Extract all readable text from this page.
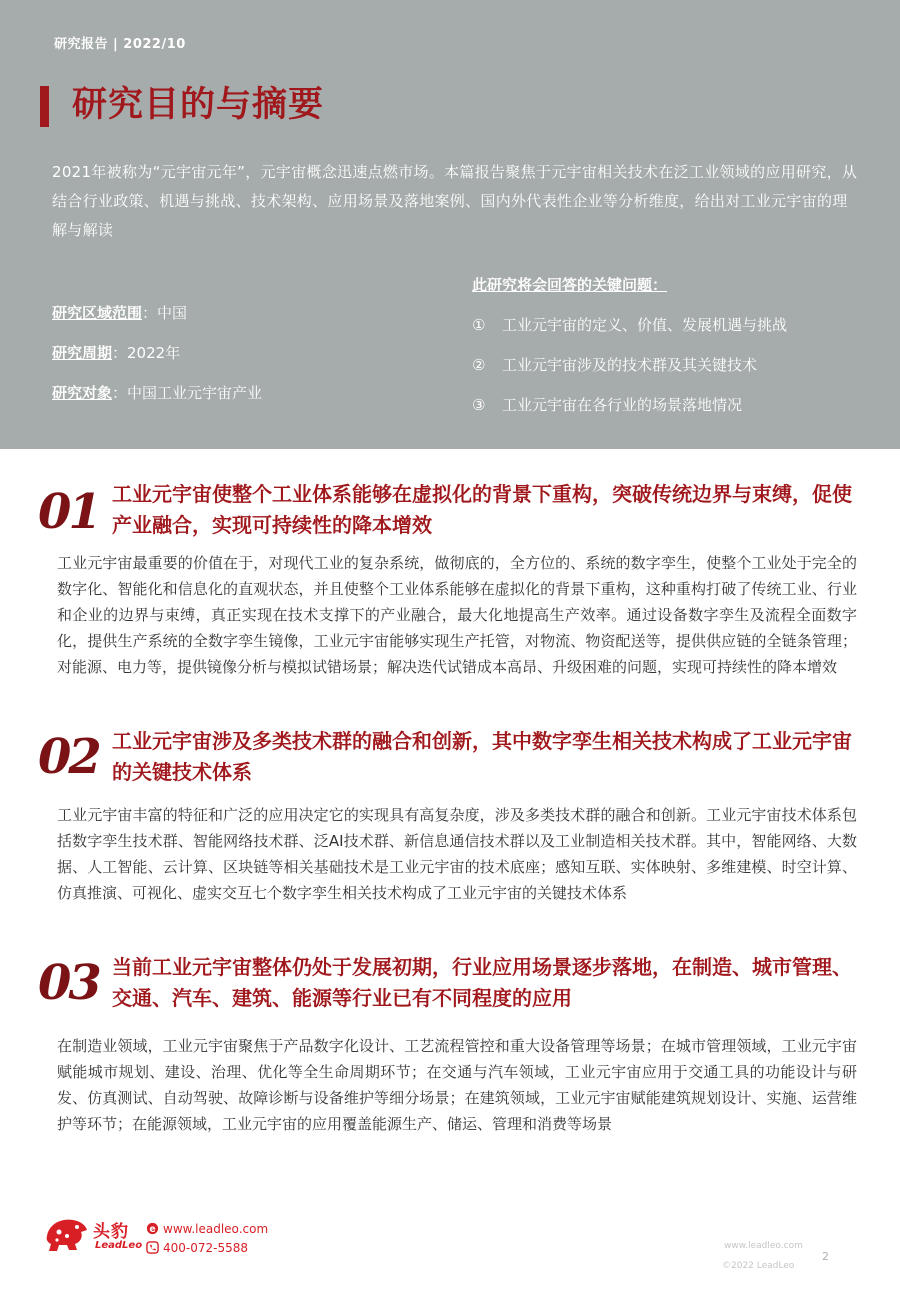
研究报告 | 2022/10
研究目的与摘要
2021年被称为“元宇宙元年”，元宇宙概念迅速点燃市场。本篇报告聚焦于元宇宙相关技术在泛工业领域的应用研究，从结合行业政策、机遇与挑战、技术架构、应用场景及落地案例、国内外代表性企业等分析维度，给出对工业元宇宙的理解与解读
研究区域范围：中国
研究周期：2022年
研究对象：中国工业元宇宙产业
此研究将会回答的关键问题：
①	工业元宇宙的定义、价值、发展机遇与挑战
②	工业元宇宙涉及的技术群及其关键技术
③	工业元宇宙在各行业的场景落地情况
01 工业元宇宙使整个工业体系能够在虚拟化的背景下重构，突破传统边界与束缚，促使产业融合，实现可持续性的降本增效
工业元宇宙最重要的价值在于，对现代工业的复杂系统，做彻底的，全方位的、系统的数字孪生，使整个工业处于完全的数字化、智能化和信息化的直观状态，并且使整个工业体系能够在虚拟化的背景下重构，这种重构打破了传统工业、行业和企业的边界与束缚，真正实现在技术支撑下的产业融合，最大化地提高生产效率。通过设备数字孪生及流程全面数字化，提供生产系统的全数字孪生镜像，工业元宇宙能够实现生产托管，对物流、物资配送等，提供供应链的全链条管理；对能源、电力等，提供镜像分析与模拟试错场景；解决迭代试错成本高昂、升级困难的问题，实现可持续性的降本增效
02 工业元宇宙涉及多类技术群的融合和创新，其中数字孪生相关技术构成了工业元宇宙的关键技术体系
工业元宇宙丰富的特征和广泛的应用决定它的实现具有高复杂度，涉及多类技术群的融合和创新。工业元宇宙技术体系包括数字孪生技术群、智能网络技术群、泛AI技术群、新信息通信技术群以及工业制造相关技术群。其中，智能网络、大数据、人工智能、云计算、区块链等相关基础技术是工业元宇宙的技术底座；感知互联、实体映射、多维建模、时空计算、仿真推演、可视化、虚实交互七个数字孪生相关技术构成了工业元宇宙的关键技术体系
03 当前工业元宇宙整体仍处于发展初期，行业应用场景逐步落地，在制造、城市管理、交通、汽车、建筑、能源等行业已有不同程度的应用
在制造业领域，工业元宇宙聚焦于产品数字化设计、工艺流程管控和重大设备管理等场景；在城市管理领域，工业元宇宙赋能城市规划、建设、治理、优化等全生命周期环节；在交通与汽车领域，工业元宇宙应用于交通工具的功能设计与研发、仿真测试、自动驾驶、故障诊断与设备维护等细分场景；在建筑领域，工业元宇宙赋能建筑规划设计、实施、运营维护等环节；在能源领域，工业元宇宙的应用覆盖能源生产、储运、管理和消费等场景
头豹
LeadLeo
e www.leadleo.com
400-072-5588	www.leadleo.com
2
©2022 LeadLeo
